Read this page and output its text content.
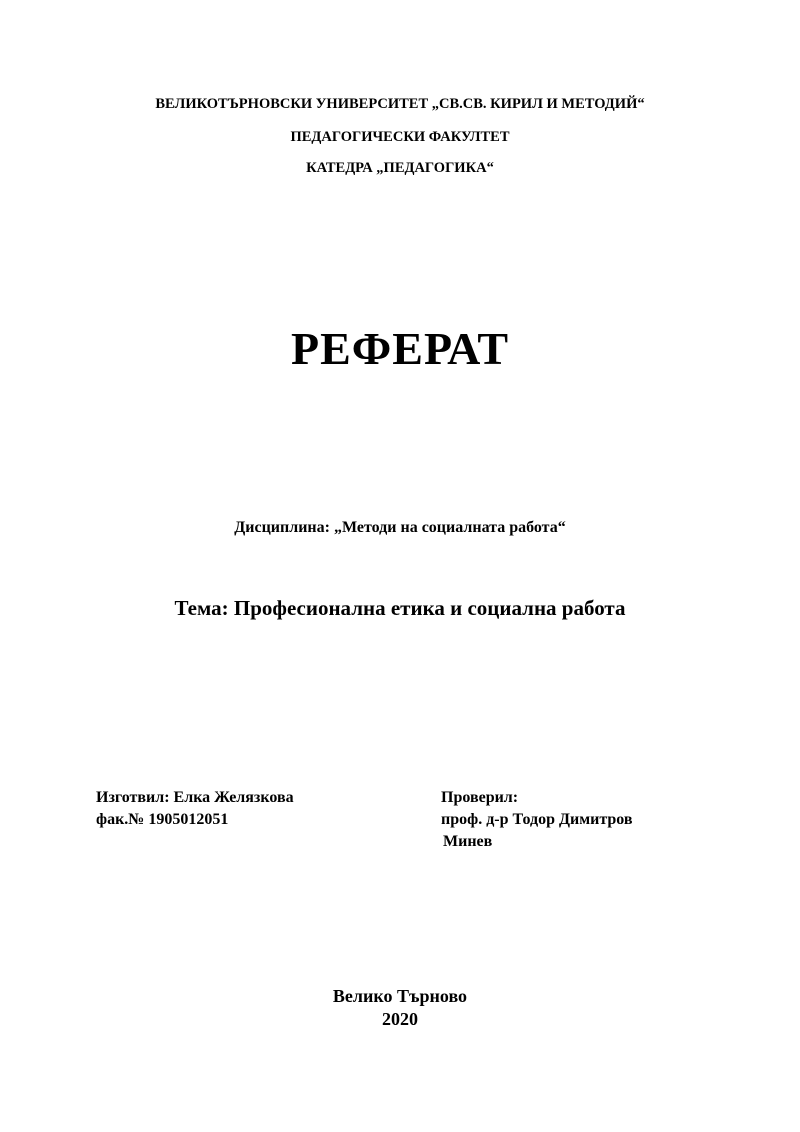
ВЕЛИКОТЪРНОВСКИ УНИВЕРСИТЕТ „СВ.СВ. КИРИЛ И МЕТОДИЙ“
ПЕДАГОГИЧЕСКИ ФАКУЛТЕТ
КАТЕДРА „ПЕДАГОГИКА“
РЕФЕРАТ
Дисциплина: „Методи на социалната работа“
Тема: Професионална етика и социална работа
Изготвил: Елка Желязкова
фак.№ 1905012051
Проверил:
проф. д-р Тодор Димитров
Минев
Велико Търново
2020
